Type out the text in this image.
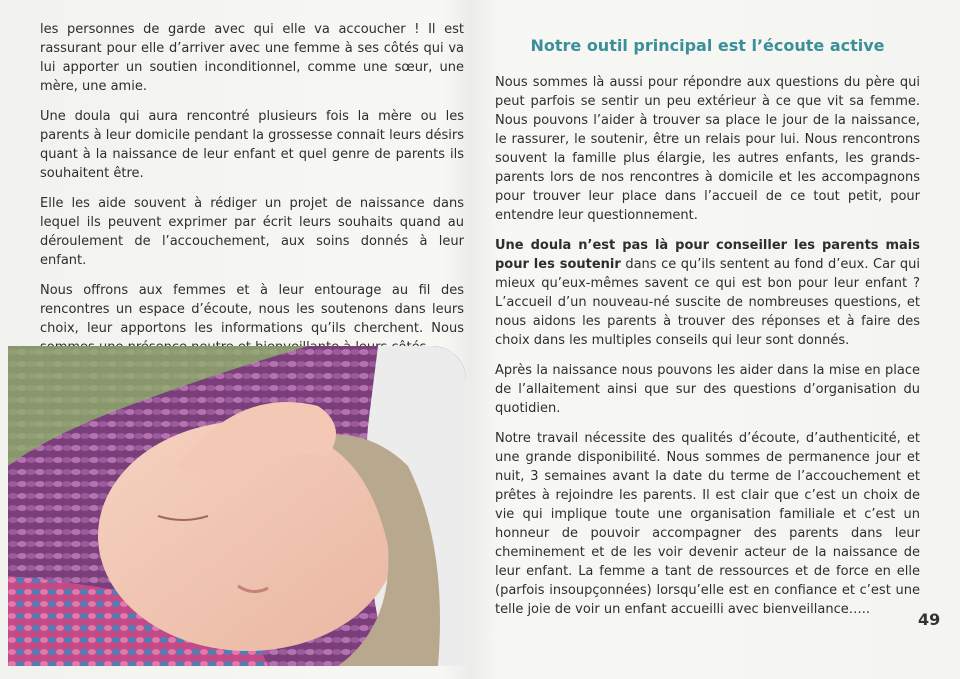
les personnes de garde avec qui elle va accoucher ! Il est rassurant pour elle d’arriver avec une femme à ses côtés qui va lui apporter un soutien inconditionnel, comme une sœur, une mère, une amie.

Une doula qui aura rencontré plusieurs fois la mère ou les parents à leur domicile pendant la grossesse connait leurs désirs quant à la naissance de leur enfant et quel genre de parents ils souhaitent être.

Elle les aide souvent à rédiger un projet de naissance dans lequel ils peuvent exprimer par écrit leurs souhaits quand au déroulement de l’accouchement, aux soins donnés à leur enfant.

Nous offrons aux femmes et à leur entourage au fil des rencontres un espace d’écoute, nous les soutenons dans leurs choix, leur apportons les informations qu’ils cherchent. Nous

Notre outil principal est l’écoute active

Nous sommes là aussi pour répondre aux questions du père qui peut parfois se sentir un peu extérieur à ce que vit sa femme. Nous pouvons l’aider à trouver sa place le jour de la naissance, le rassurer, le soutenir, être un relais pour lui. Nous rencontrons souvent la famille plus élargie, les autres enfants, les grands-parents lors de nos rencontres à domicile et les accompagnons pour trouver leur place dans l’accueil de ce tout petit, pour entendre leur questionnement.

Une doula n’est pas là pour conseiller les parents mais pour les soutenir dans ce qu’ils sentent au fond d’eux. Car qui mieux qu’eux-mêmes savent ce qui est bon pour leur enfant ? L’accueil d’un nouveau-né suscite de nombreuses questions, et nous aidons les parents à trouver des réponses et à faire des choix dans les multiples conseils qui leur sont donnés.

Après la naissance nous pouvons les aider dans la mise en place de l’allaitement ainsi que sur des questions d’organisation du quotidien.

Notre travail nécessite des qualités d’écoute, d’authenticité, et une grande disponibilité. Nous sommes de permanence jour et nuit, 3 semaines avant la date du terme de l’accouchement et prêtes à rejoindre les parents. Il est clair que c’est un choix de vie qui implique toute une organisation familiale et c’est un honneur de pouvoir accompagner des parents dans leur cheminement et de les voir devenir acteur de la naissance de leur enfant. La femme a tant de ressources et de force en elle (parfois insoupçonnées) lorsqu’elle est en confiance et c’est une telle joie de voir un enfant accueilli avec bienveillance…..

49
